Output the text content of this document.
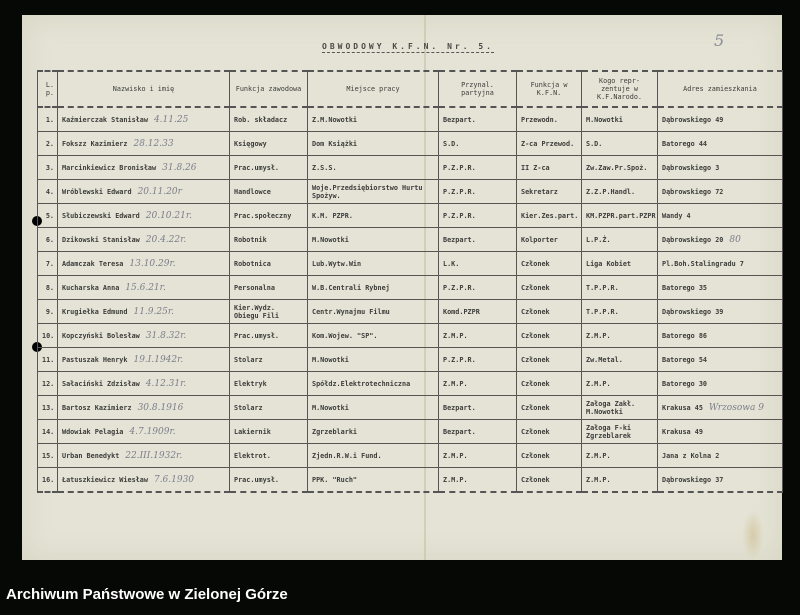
OBWODOWY K.F.N. Nr. 5.	5
L. p.	Nazwisko i imię	Funkcja zawodowa	Miejsce pracy	Przynal. partyjna	Funkcja w K.F.N.	Kogo repr- zentuje w K.F.Narodo.	Adres zamieszkania
1.	Kaźmierczak Stanisław 4.11.25	Rob. składacz	Z.M.Nowotki	Bezpart.	Przewodn.	M.Nowotki	Dąbrowskiego 49
2.	Fokszz Kazimierz 28.12.33	Księgowy	Dom Książki	S.D.	Z-ca Przewod.	S.D.	Batorego 44
3.	Marcinkiewicz Bronisław 31.8.26	Prac.umysł.	Z.S.S.	P.Z.P.R.	II Z-ca	Zw.Zaw.Pr.Spoż.	Dąbrowskiego 3
4.	Wróblewski Edward 20.11.20r	Handlowce	Woje.Przedsiębiorstwo Hurtu Spożyw.	P.Z.P.R.	Sekretarz	Z.Z.P.Handl.	Dąbrowskiego 72
5.	Słubiczewski Edward 20.10.21r.	Prac.społeczny	K.M. PZPR.	P.Z.P.R.	Kier.Zes.part.	KM.PZPR.part.PZPR	Wandy 4
6.	Dzikowski Stanisław 20.4.22r.	Robotnik	M.Nowotki	Bezpart.	Kolporter	L.P.Ż.	Dąbrowskiego 20 80
7.	Adamczak Teresa 13.10.29r.	Robotnica	Lub.Wytw.Win	L.K.	Członek	Liga Kobiet	Pl.Boh.Stalingradu 7
8.	Kucharska Anna 15.6.21r.	Personalna	W.B.Centrali Rybnej	P.Z.P.R.	Członek	T.P.P.R.	Batorego 35
9.	Krugiełka Edmund 11.9.25r.	Kier.Wydz. Obiegu Fili	Centr.Wynajmu Filmu	Komd.PZPR	Członek	T.P.P.R.	Dąbrowskiego 39
10.	Kopczyński Bolesław 31.8.32r.	Prac.umysł.	Kom.Wojew. "SP".	Z.M.P.	Członek	Z.M.P.	Batorego 86
11.	Pastuszak Henryk 19.I.1942r.	Stolarz	M.Nowotki	P.Z.P.R.	Członek	Zw.Metal.	Batorego 54
12.	Sałaciński Zdzisław 4.12.31r.	Elektryk	Spółdz.Elektrotechniczna	Z.M.P.	Członek	Z.M.P.	Batorego 30
13.	Bartosz Kazimierz 30.8.1916	Stolarz	M.Nowotki	Bezpart.	Członek	Załoga Zakł. M.Nowotki	Krakusa 45 Wrzosowa 9
14.	Wdowiak Pelagia 4.7.1909r.	Lakiernik	Zgrzeblarki	Bezpart.	Członek	Załoga F-ki Zgrzeblarek	Krakusa 49
15.	Urban Benedykt 22.III.1932r.	Elektrot.	Zjedn.R.W.i Fund.	Z.M.P.	Członek	Z.M.P.	Jana z Kolna 2
16.	Łatuszkiewicz Wiesław 7.6.1930	Prac.umysł.	PPK. "Ruch"	Z.M.P.	Członek	Z.M.P.	Dąbrowskiego 37
Archiwum Państwowe w Zielonej Górze
